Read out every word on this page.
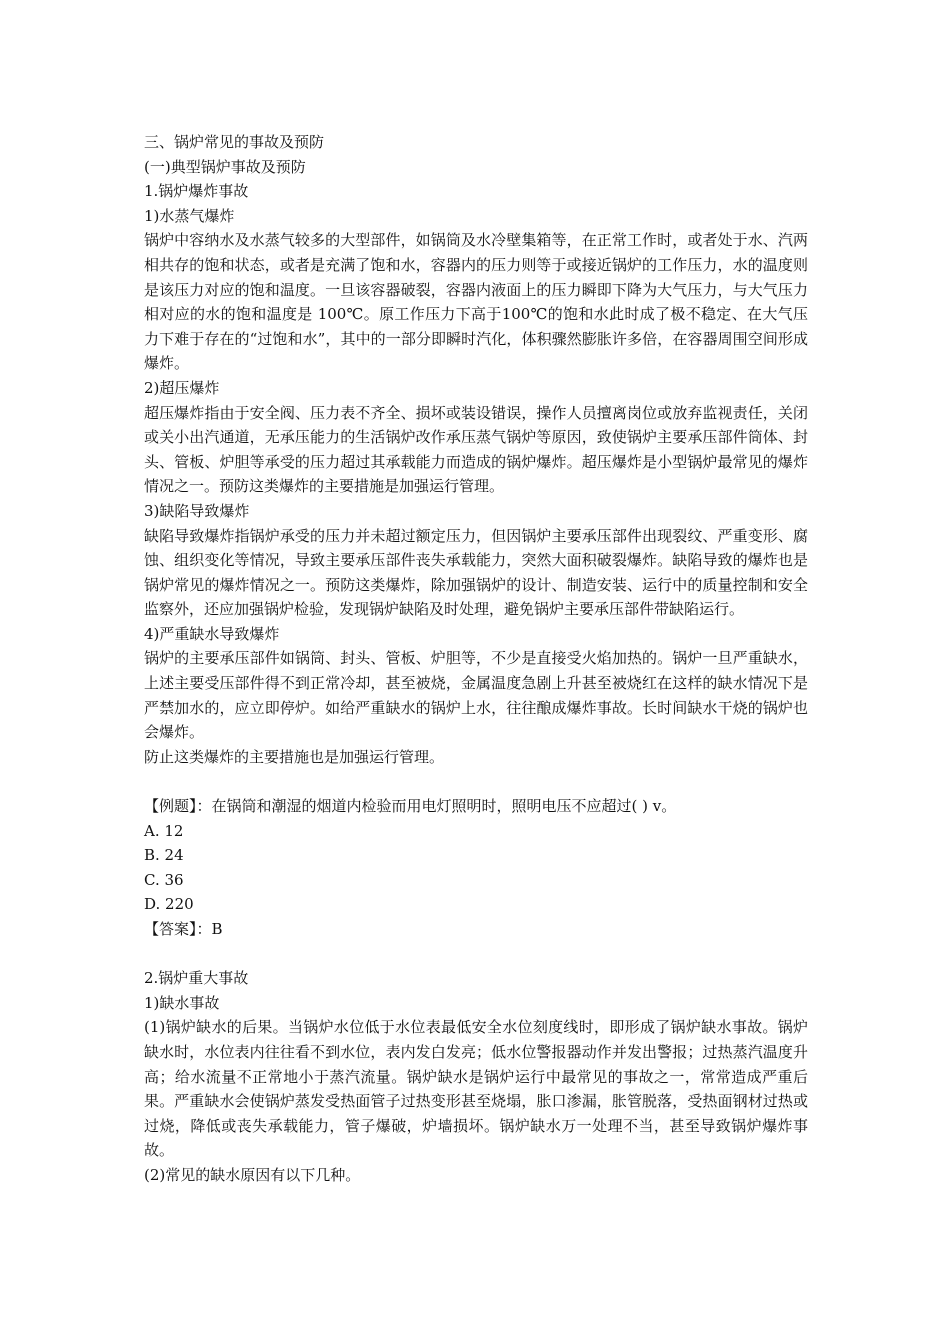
三、锅炉常见的事故及预防

(一)典型锅炉事故及预防

1.锅炉爆炸事故

1)水蒸气爆炸

锅炉中容纳水及水蒸气较多的大型部件，如锅筒及水冷壁集箱等，在正常工作时，或者处于水、汽两相共存的饱和状态，或者是充满了饱和水，容器内的压力则等于或接近锅炉的工作压力，水的温度则是该压力对应的饱和温度。一旦该容器破裂，容器内液面上的压力瞬即下降为大气压力，与大气压力相对应的水的饱和温度是 100℃。原工作压力下高于100℃的饱和水此时成了极不稳定、在大气压力下难于存在的“过饱和水”，其中的一部分即瞬时汽化，体积骤然膨胀许多倍，在容器周围空间形成爆炸。

2)超压爆炸

超压爆炸指由于安全阀、压力表不齐全、损坏或装设错误，操作人员擅离岗位或放弃监视责任，关闭或关小出汽通道，无承压能力的生活锅炉改作承压蒸气锅炉等原因，致使锅炉主要承压部件筒体、封头、管板、炉胆等承受的压力超过其承载能力而造成的锅炉爆炸。超压爆炸是小型锅炉最常见的爆炸情况之一。预防这类爆炸的主要措施是加强运行管理。

3)缺陷导致爆炸

缺陷导致爆炸指锅炉承受的压力并未超过额定压力，但因锅炉主要承压部件出现裂纹、严重变形、腐蚀、组织变化等情况，导致主要承压部件丧失承载能力，突然大面积破裂爆炸。缺陷导致的爆炸也是锅炉常见的爆炸情况之一。预防这类爆炸，除加强锅炉的设计、制造安装、运行中的质量控制和安全监察外，还应加强锅炉检验，发现锅炉缺陷及时处理，避免锅炉主要承压部件带缺陷运行。

4)严重缺水导致爆炸

锅炉的主要承压部件如锅筒、封头、管板、炉胆等，不少是直接受火焰加热的。锅炉一旦严重缺水，上述主要受压部件得不到正常冷却，甚至被烧，金属温度急剧上升甚至被烧红在这样的缺水情况下是严禁加水的，应立即停炉。如给严重缺水的锅炉上水，往往酿成爆炸事故。长时间缺水干烧的锅炉也会爆炸。

防止这类爆炸的主要措施也是加强运行管理。

【例题】：在锅筒和潮湿的烟道内检验而用电灯照明时，照明电压不应超过( ) v。

A. 12

B. 24

C. 36

D. 220

【答案】：B

2.锅炉重大事故

1)缺水事故

(1)锅炉缺水的后果。当锅炉水位低于水位表最低安全水位刻度线时，即形成了锅炉缺水事故。锅炉缺水时，水位表内往往看不到水位，表内发白发亮；低水位警报器动作并发出警报；过热蒸汽温度升高；给水流量不正常地小于蒸汽流量。锅炉缺水是锅炉运行中最常见的事故之一，常常造成严重后果。严重缺水会使锅炉蒸发受热面管子过热变形甚至烧塌，胀口渗漏，胀管脱落，受热面钢材过热或过烧，降低或丧失承载能力，管子爆破，炉墙损坏。锅炉缺水万一处理不当，甚至导致锅炉爆炸事故。

(2)常见的缺水原因有以下几种。
